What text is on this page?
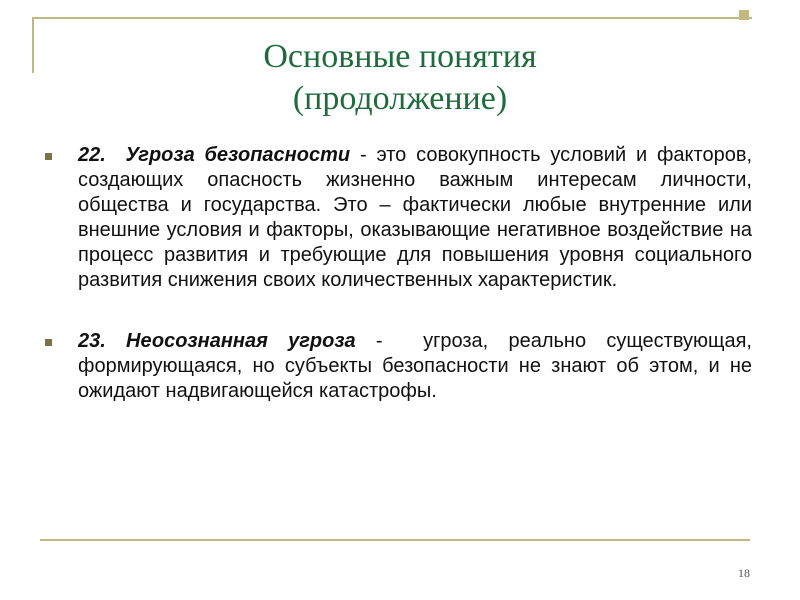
Основные понятия
(продолжение)
22. Угроза безопасности - это совокупность условий и факторов, создающих опасность жизненно важным интересам личности, общества и государства. Это – фактически любые внутренние или внешние условия и факторы, оказывающие негативное воздействие на процесс развития и требующие для повышения уровня социального развития снижения своих количественных характеристик.
23. Неосознанная угроза - угроза, реально существующая, формирующаяся, но субъекты безопасности не знают об этом, и не ожидают надвигающейся катастрофы.
18
